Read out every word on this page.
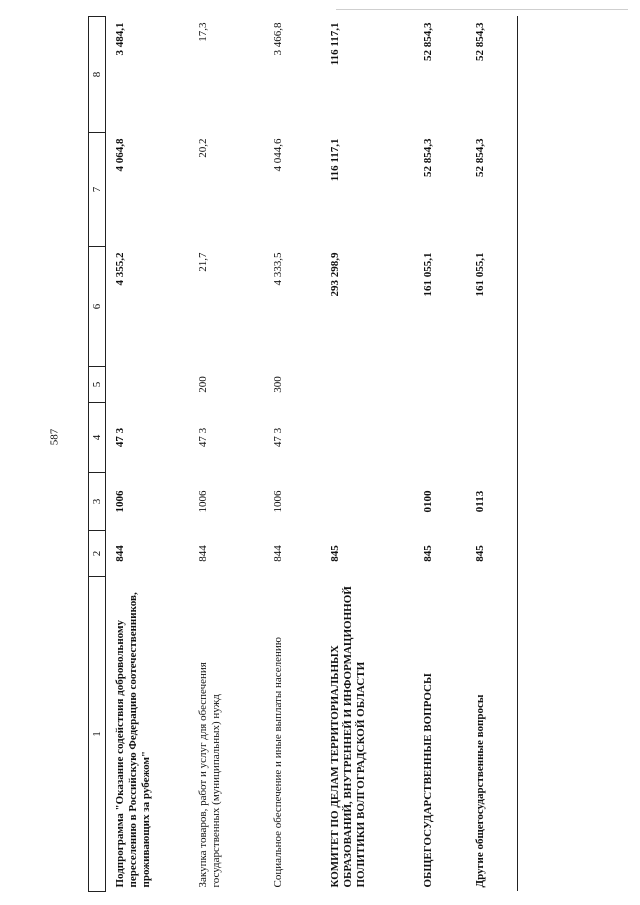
587
1	2	3	4	5	6	7	8
Подпрограмма "Оказание содействия добровольному переселению в Российскую Федерацию соотечественников, проживающих за рубежом"	844	1006	47 3		4 355,2	4 064,8	3 484,1
Закупка товаров, работ и услуг для обеспечения государственных (муниципальных) нужд	844	1006	47 3	200	21,7	20,2	17,3
Социальное обеспечение и иные выплаты населению	844	1006	47 3	300	4 333,5	4 044,6	3 466,8
КОМИТЕТ ПО ДЕЛАМ ТЕРРИТОРИАЛЬНЫХ ОБРАЗОВАНИЙ, ВНУТРЕННЕЙ И ИНФОРМАЦИОННОЙ ПОЛИТИКИ ВОЛГОГРАДСКОЙ ОБЛАСТИ	845				293 298,9	116 117,1	116 117,1
ОБЩЕГОСУДАРСТВЕННЫЕ ВОПРОСЫ	845	0100			161 055,1	52 854,3	52 854,3
Другие общегосударственные вопросы	845	0113			161 055,1	52 854,3	52 854,3
